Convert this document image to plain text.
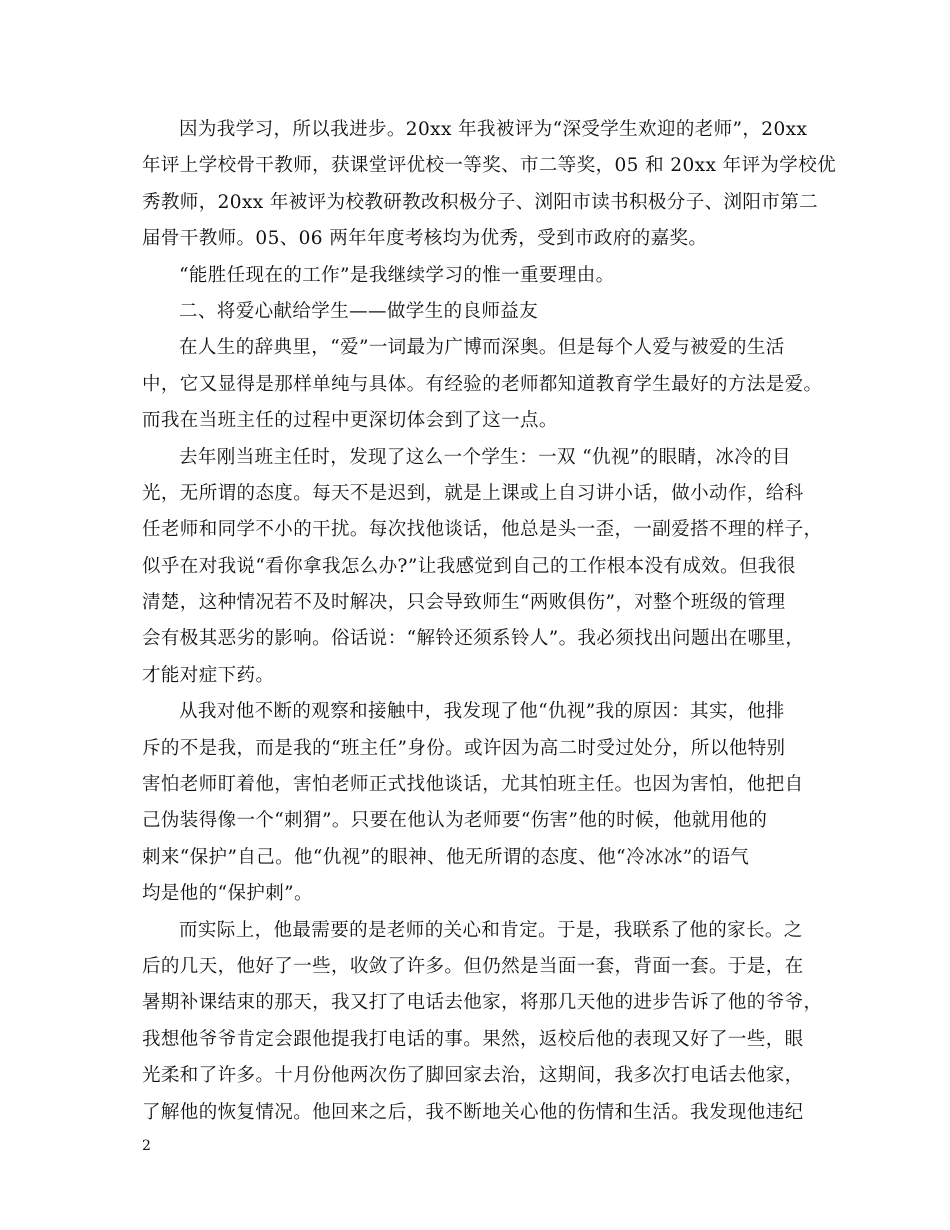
因为我学习，所以我进步。20xx 年我被评为“深受学生欢迎的老师”，20xx
年评上学校骨干教师，获课堂评优校一等奖、市二等奖，05 和 20xx 年评为学校优
秀教师，20xx 年被评为校教研教改积极分子、浏阳市读书积极分子、浏阳市第二
届骨干教师。05、06 两年年度考核均为优秀，受到市政府的嘉奖。
“能胜任现在的工作”是我继续学习的惟一重要理由。
二、将爱心献给学生——做学生的良师益友
在人生的辞典里，“爱”一词最为广博而深奥。但是每个人爱与被爱的生活
中，它又显得是那样单纯与具体。有经验的老师都知道教育学生最好的方法是爱。
而我在当班主任的过程中更深切体会到了这一点。
去年刚当班主任时，发现了这么一个学生：一双 “仇视”的眼睛，冰冷的目
光，无所谓的态度。每天不是迟到，就是上课或上自习讲小话，做小动作，给科
任老师和同学不小的干扰。每次找他谈话，他总是头一歪，一副爱搭不理的样子，
似乎在对我说“看你拿我怎么办?”让我感觉到自己的工作根本没有成效。但我很
清楚，这种情况若不及时解决，只会导致师生“两败俱伤”，对整个班级的管理
会有极其恶劣的影响。俗话说：“解铃还须系铃人”。我必须找出问题出在哪里，
才能对症下药。
从我对他不断的观察和接触中，我发现了他“仇视”我的原因：其实，他排
斥的不是我，而是我的“班主任”身份。或许因为高二时受过处分，所以他特别
害怕老师盯着他，害怕老师正式找他谈话，尤其怕班主任。也因为害怕，他把自
己伪装得像一个“刺猬”。只要在他认为老师要“伤害”他的时候，他就用他的
刺来“保护”自己。他“仇视”的眼神、他无所谓的态度、他“冷冰冰”的语气
均是他的“保护刺”。
而实际上，他最需要的是老师的关心和肯定。于是，我联系了他的家长。之
后的几天，他好了一些，收敛了许多。但仍然是当面一套，背面一套。于是，在
暑期补课结束的那天，我又打了电话去他家，将那几天他的进步告诉了他的爷爷，
我想他爷爷肯定会跟他提我打电话的事。果然，返校后他的表现又好了一些，眼
光柔和了许多。十月份他两次伤了脚回家去治，这期间，我多次打电话去他家，
了解他的恢复情况。他回来之后，我不断地关心他的伤情和生活。我发现他违纪
2
